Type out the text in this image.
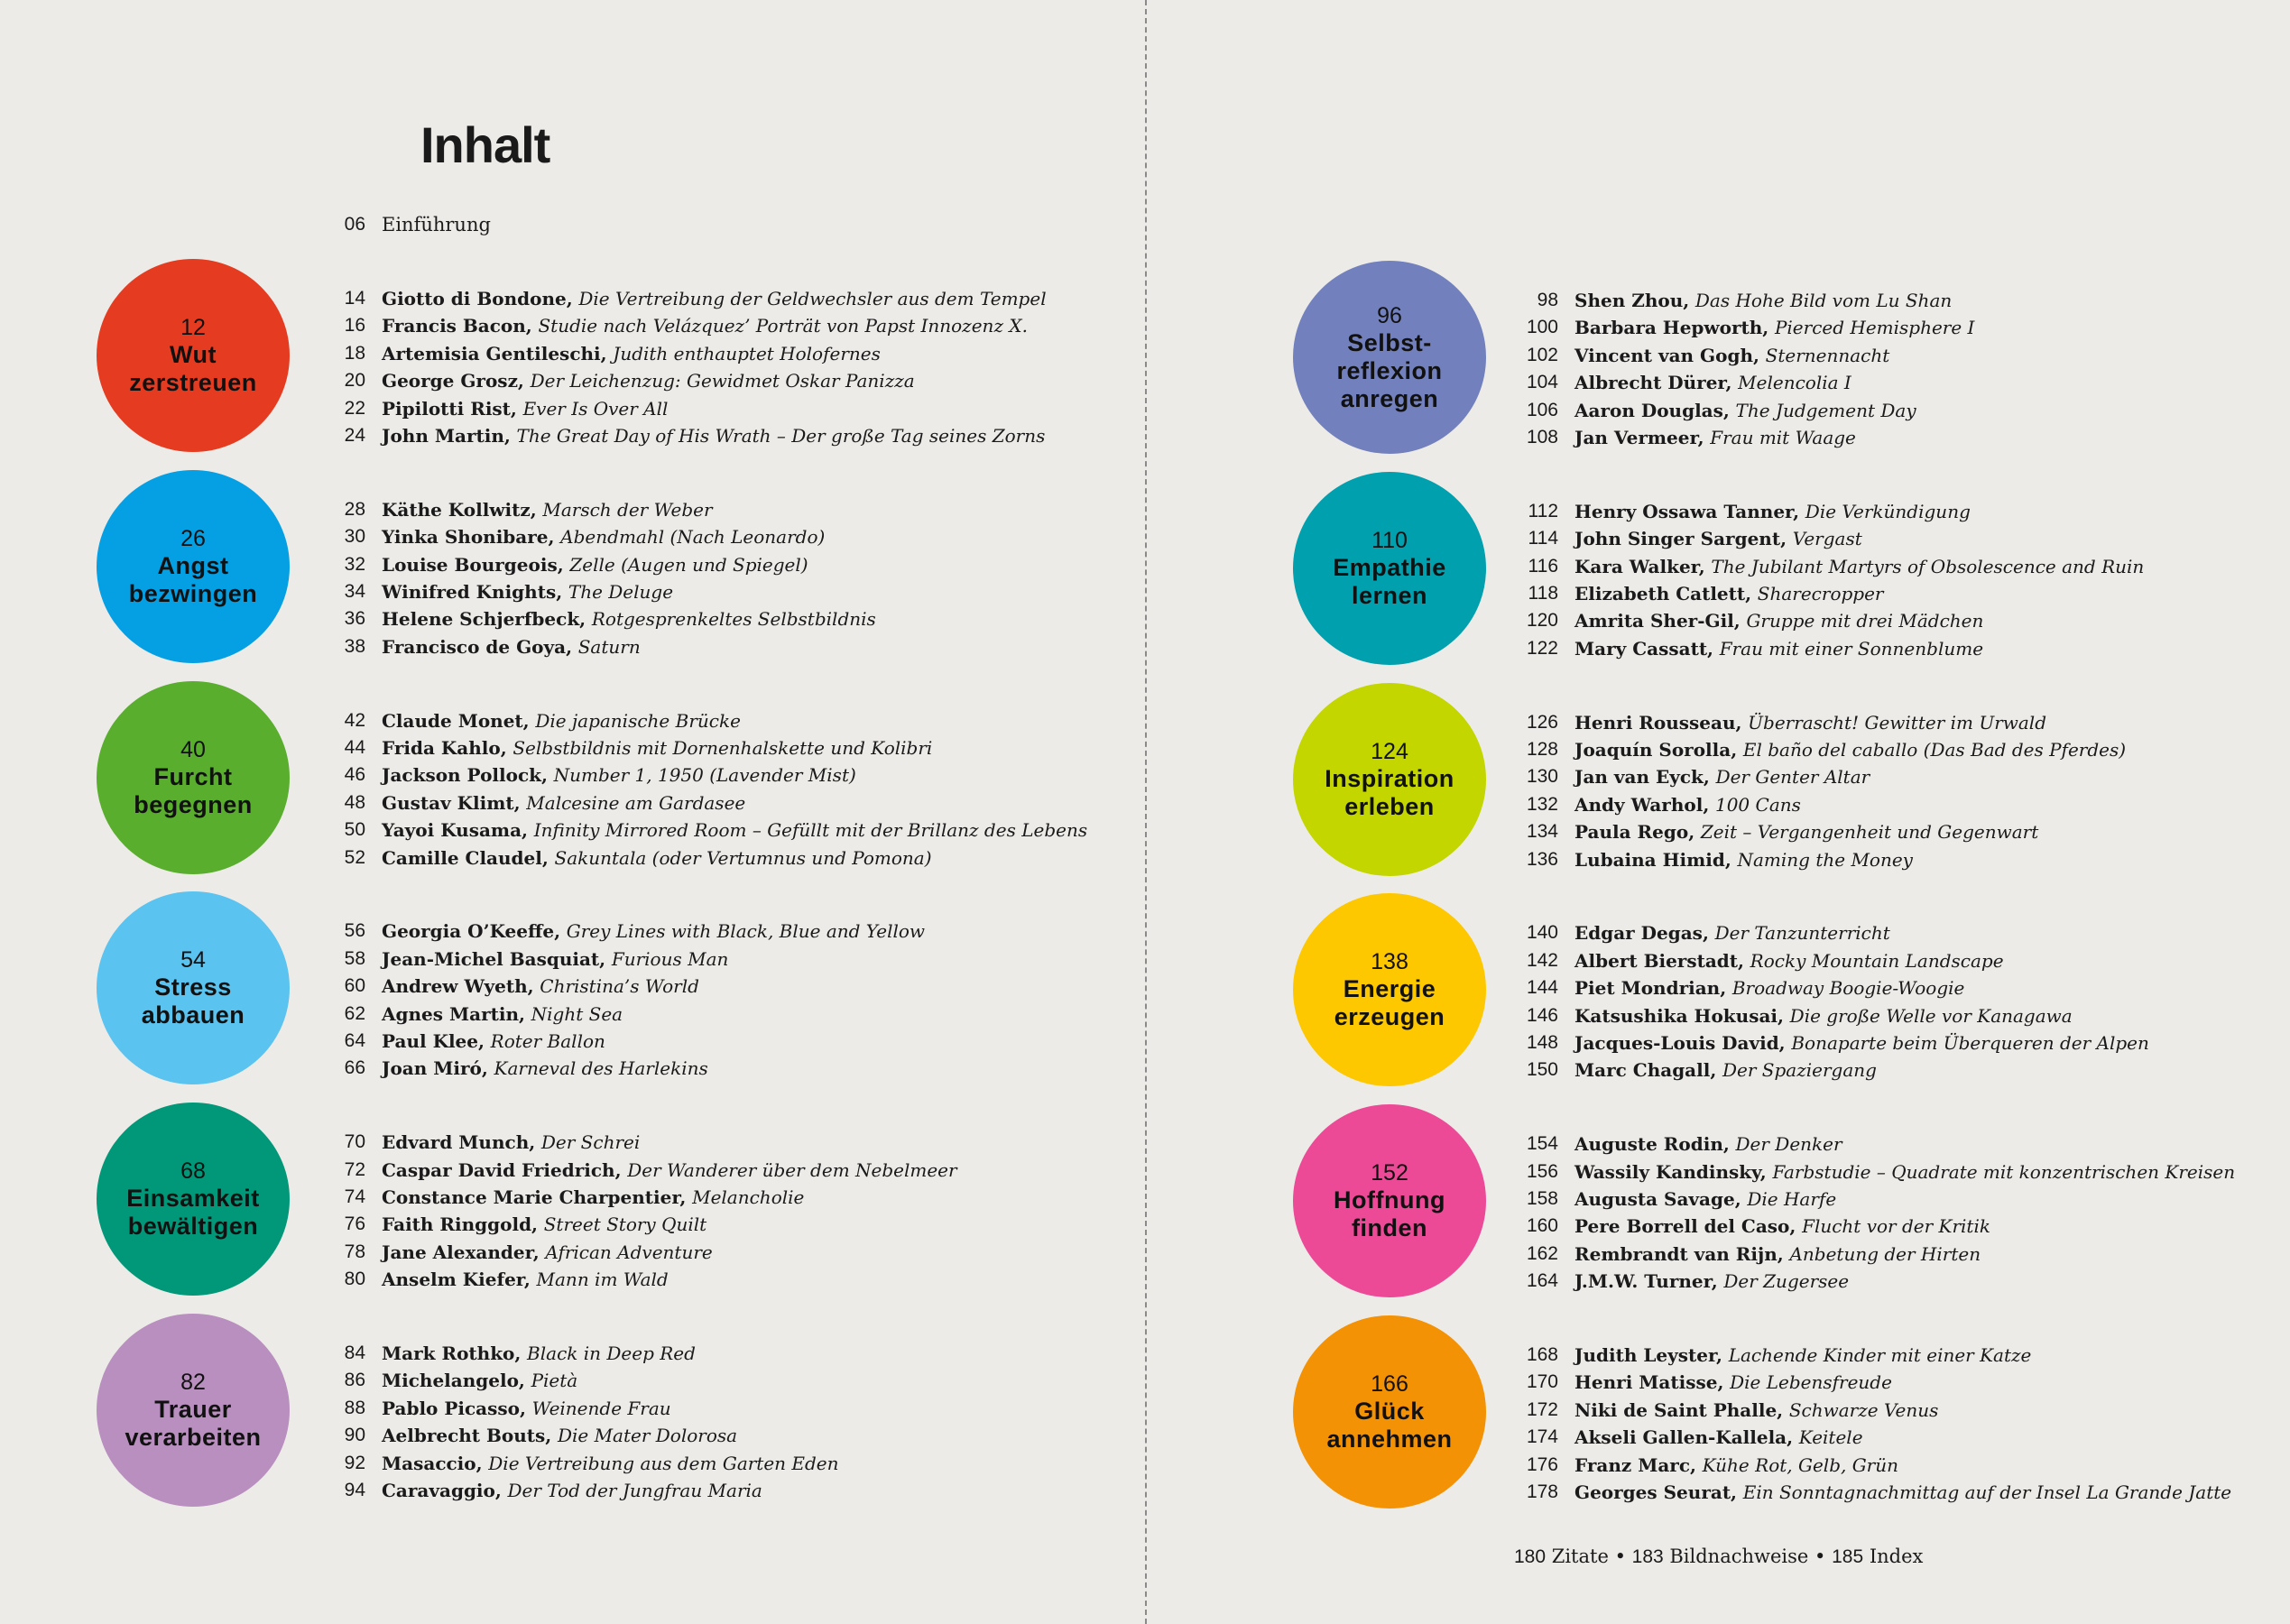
Inhalt
06 Einführung
12
Wut
zerstreuen
14 Giotto di Bondone, Die Vertreibung der Geldwechsler aus dem Tempel
16 Francis Bacon, Studie nach Velázquez’ Porträt von Papst Innozenz X.
18 Artemisia Gentileschi, Judith enthauptet Holofernes
20 George Grosz, Der Leichenzug: Gewidmet Oskar Panizza
22 Pipilotti Rist, Ever Is Over All
24 John Martin, The Great Day of His Wrath – Der große Tag seines Zorns
26
Angst
bezwingen
28 Käthe Kollwitz, Marsch der Weber
30 Yinka Shonibare, Abendmahl (Nach Leonardo)
32 Louise Bourgeois, Zelle (Augen und Spiegel)
34 Winifred Knights, The Deluge
36 Helene Schjerfbeck, Rotgesprenkeltes Selbstbildnis
38 Francisco de Goya, Saturn
40
Furcht
begegnen
42 Claude Monet, Die japanische Brücke
44 Frida Kahlo, Selbstbildnis mit Dornenhalskette und Kolibri
46 Jackson Pollock, Number 1, 1950 (Lavender Mist)
48 Gustav Klimt, Malcesine am Gardasee
50 Yayoi Kusama, Infinity Mirrored Room – Gefüllt mit der Brillanz des Lebens
52 Camille Claudel, Sakuntala (oder Vertumnus und Pomona)
54
Stress
abbauen
56 Georgia O’Keeffe, Grey Lines with Black, Blue and Yellow
58 Jean-Michel Basquiat, Furious Man
60 Andrew Wyeth, Christina’s World
62 Agnes Martin, Night Sea
64 Paul Klee, Roter Ballon
66 Joan Miró, Karneval des Harlekins
68
Einsamkeit
bewältigen
70 Edvard Munch, Der Schrei
72 Caspar David Friedrich, Der Wanderer über dem Nebelmeer
74 Constance Marie Charpentier, Melancholie
76 Faith Ringgold, Street Story Quilt
78 Jane Alexander, African Adventure
80 Anselm Kiefer, Mann im Wald
82
Trauer
verarbeiten
84 Mark Rothko, Black in Deep Red
86 Michelangelo, Pietà
88 Pablo Picasso, Weinende Frau
90 Aelbrecht Bouts, Die Mater Dolorosa
92 Masaccio, Die Vertreibung aus dem Garten Eden
94 Caravaggio, Der Tod der Jungfrau Maria
96
Selbst-
reflexion
anregen
98 Shen Zhou, Das Hohe Bild vom Lu Shan
100 Barbara Hepworth, Pierced Hemisphere I
102 Vincent van Gogh, Sternennacht
104 Albrecht Dürer, Melencolia I
106 Aaron Douglas, The Judgement Day
108 Jan Vermeer, Frau mit Waage
110
Empathie
lernen
112 Henry Ossawa Tanner, Die Verkündigung
114 John Singer Sargent, Vergast
116 Kara Walker, The Jubilant Martyrs of Obsolescence and Ruin
118 Elizabeth Catlett, Sharecropper
120 Amrita Sher-Gil, Gruppe mit drei Mädchen
122 Mary Cassatt, Frau mit einer Sonnenblume
124
Inspiration
erleben
126 Henri Rousseau, Überrascht! Gewitter im Urwald
128 Joaquín Sorolla, El baño del caballo (Das Bad des Pferdes)
130 Jan van Eyck, Der Genter Altar
132 Andy Warhol, 100 Cans
134 Paula Rego, Zeit – Vergangenheit und Gegenwart
136 Lubaina Himid, Naming the Money
138
Energie
erzeugen
140 Edgar Degas, Der Tanzunterricht
142 Albert Bierstadt, Rocky Mountain Landscape
144 Piet Mondrian, Broadway Boogie-Woogie
146 Katsushika Hokusai, Die große Welle vor Kanagawa
148 Jacques-Louis David, Bonaparte beim Überqueren der Alpen
150 Marc Chagall, Der Spaziergang
152
Hoffnung
finden
154 Auguste Rodin, Der Denker
156 Wassily Kandinsky, Farbstudie – Quadrate mit konzentrischen Kreisen
158 Augusta Savage, Die Harfe
160 Pere Borrell del Caso, Flucht vor der Kritik
162 Rembrandt van Rijn, Anbetung der Hirten
164 J.M.W. Turner, Der Zugersee
166
Glück
annehmen
168 Judith Leyster, Lachende Kinder mit einer Katze
170 Henri Matisse, Die Lebensfreude
172 Niki de Saint Phalle, Schwarze Venus
174 Akseli Gallen-Kallela, Keitele
176 Franz Marc, Kühe Rot, Gelb, Grün
178 Georges Seurat, Ein Sonntagnachmittag auf der Insel La Grande Jatte
180 Zitate • 183 Bildnachweise • 185 Index
